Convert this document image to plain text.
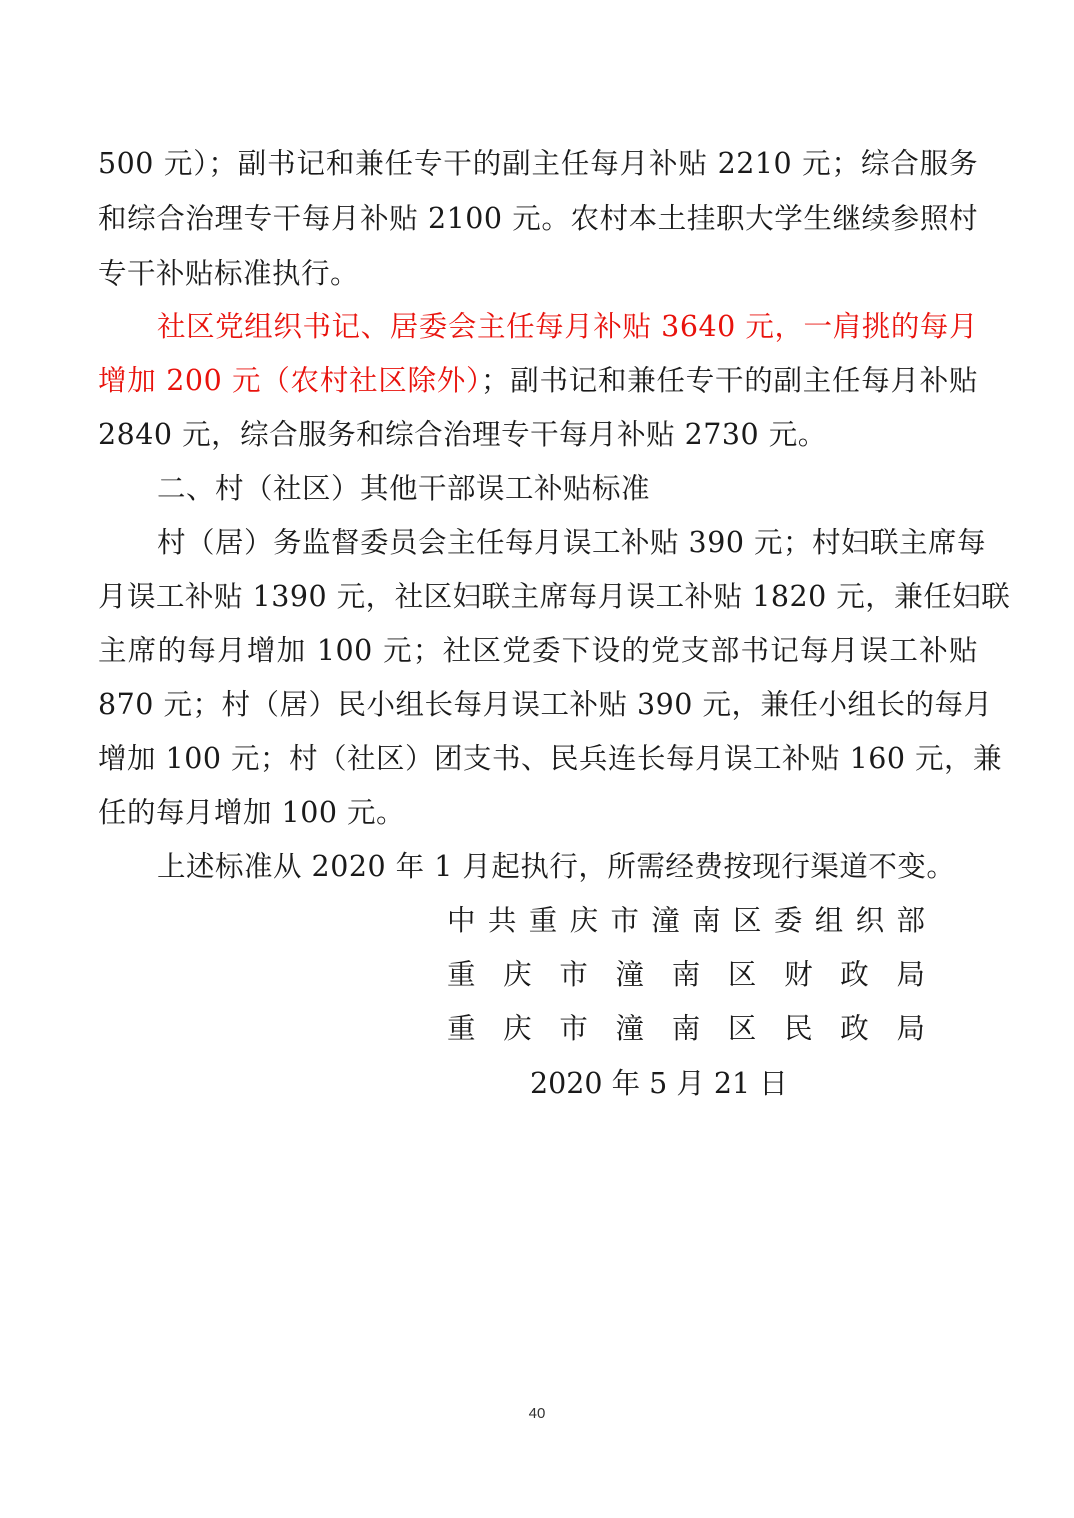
500 元）；副书记和兼任专干的副主任每月补贴 2210 元；综合服务
和综合治理专干每月补贴 2100 元。农村本土挂职大学生继续参照村
专干补贴标准执行。
社区党组织书记、居委会主任每月补贴 3640 元，一肩挑的每月
增加 200 元（农村社区除外）；副书记和兼任专干的副主任每月补贴
2840 元，综合服务和综合治理专干每月补贴 2730 元。
二、村（社区）其他干部误工补贴标准
村（居）务监督委员会主任每月误工补贴 390 元；村妇联主席每
月误工补贴 1390 元，社区妇联主席每月误工补贴 1820 元，兼任妇联
主席的每月增加 100 元；社区党委下设的党支部书记每月误工补贴
870 元；村（居）民小组长每月误工补贴 390 元，兼任小组长的每月
增加 100 元；村（社区）团支书、民兵连长每月误工补贴 160 元，兼
任的每月增加 100 元。
上述标准从 2020 年 1 月起执行，所需经费按现行渠道不变。
中共重庆市潼南区委组织部
重庆市潼南区财政局
重庆市潼南区民政局
2020 年 5 月 21 日
40
